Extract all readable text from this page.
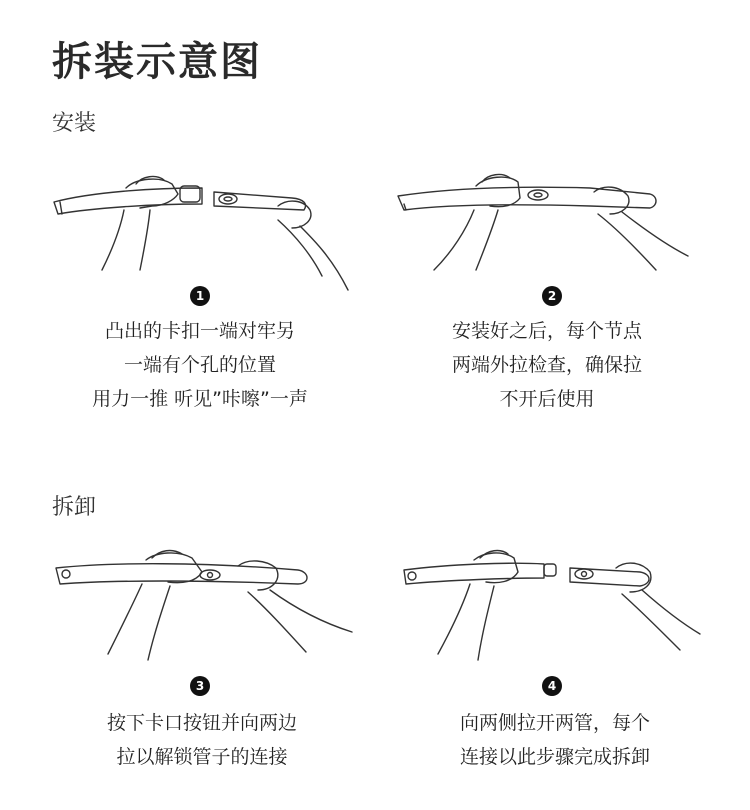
拆装示意图
安装
1
凸出的卡扣一端对牢另
一端有个孔的位置
用力一推 听见”咔嚓”一声
2
安装好之后，每个节点
两端外拉检查，确保拉
不开后使用
拆卸
3
按下卡口按钮并向两边
拉以解锁管子的连接
4
向两侧拉开两管，每个
连接以此步骤完成拆卸
